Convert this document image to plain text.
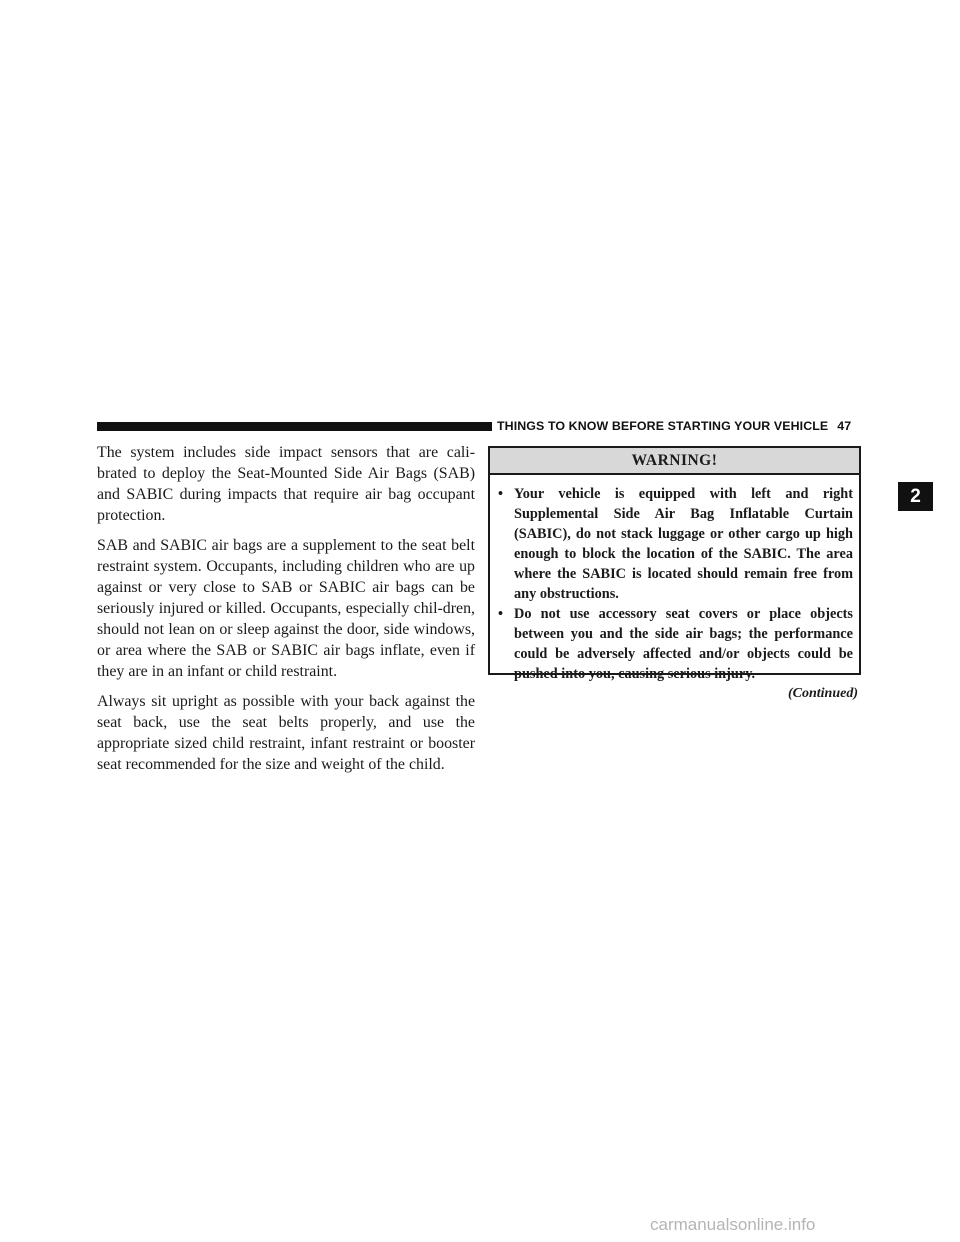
THINGS TO KNOW BEFORE STARTING YOUR VEHICLE 47
2

The system includes side impact sensors that are cali-brated to deploy the Seat-Mounted Side Air Bags (SAB) and SABIC during impacts that require air bag occupant protection.

SAB and SABIC air bags are a supplement to the seat belt restraint system. Occupants, including children who are up against or very close to SAB or SABIC air bags can be seriously injured or killed. Occupants, especially chil-dren, should not lean on or sleep against the door, side windows, or area where the SAB or SABIC air bags inflate, even if they are in an infant or child restraint.

Always sit upright as possible with your back against the seat back, use the seat belts properly, and use the appropriate sized child restraint, infant restraint or booster seat recommended for the size and weight of the child.

WARNING!
• Your vehicle is equipped with left and right Supplemental Side Air Bag Inflatable Curtain (SABIC), do not stack luggage or other cargo up high enough to block the location of the SABIC. The area where the SABIC is located should remain free from any obstructions.
• Do not use accessory seat covers or place objects between you and the side air bags; the performance could be adversely affected and/or objects could be pushed into you, causing serious injury.
(Continued)
carmanualsonline.info
